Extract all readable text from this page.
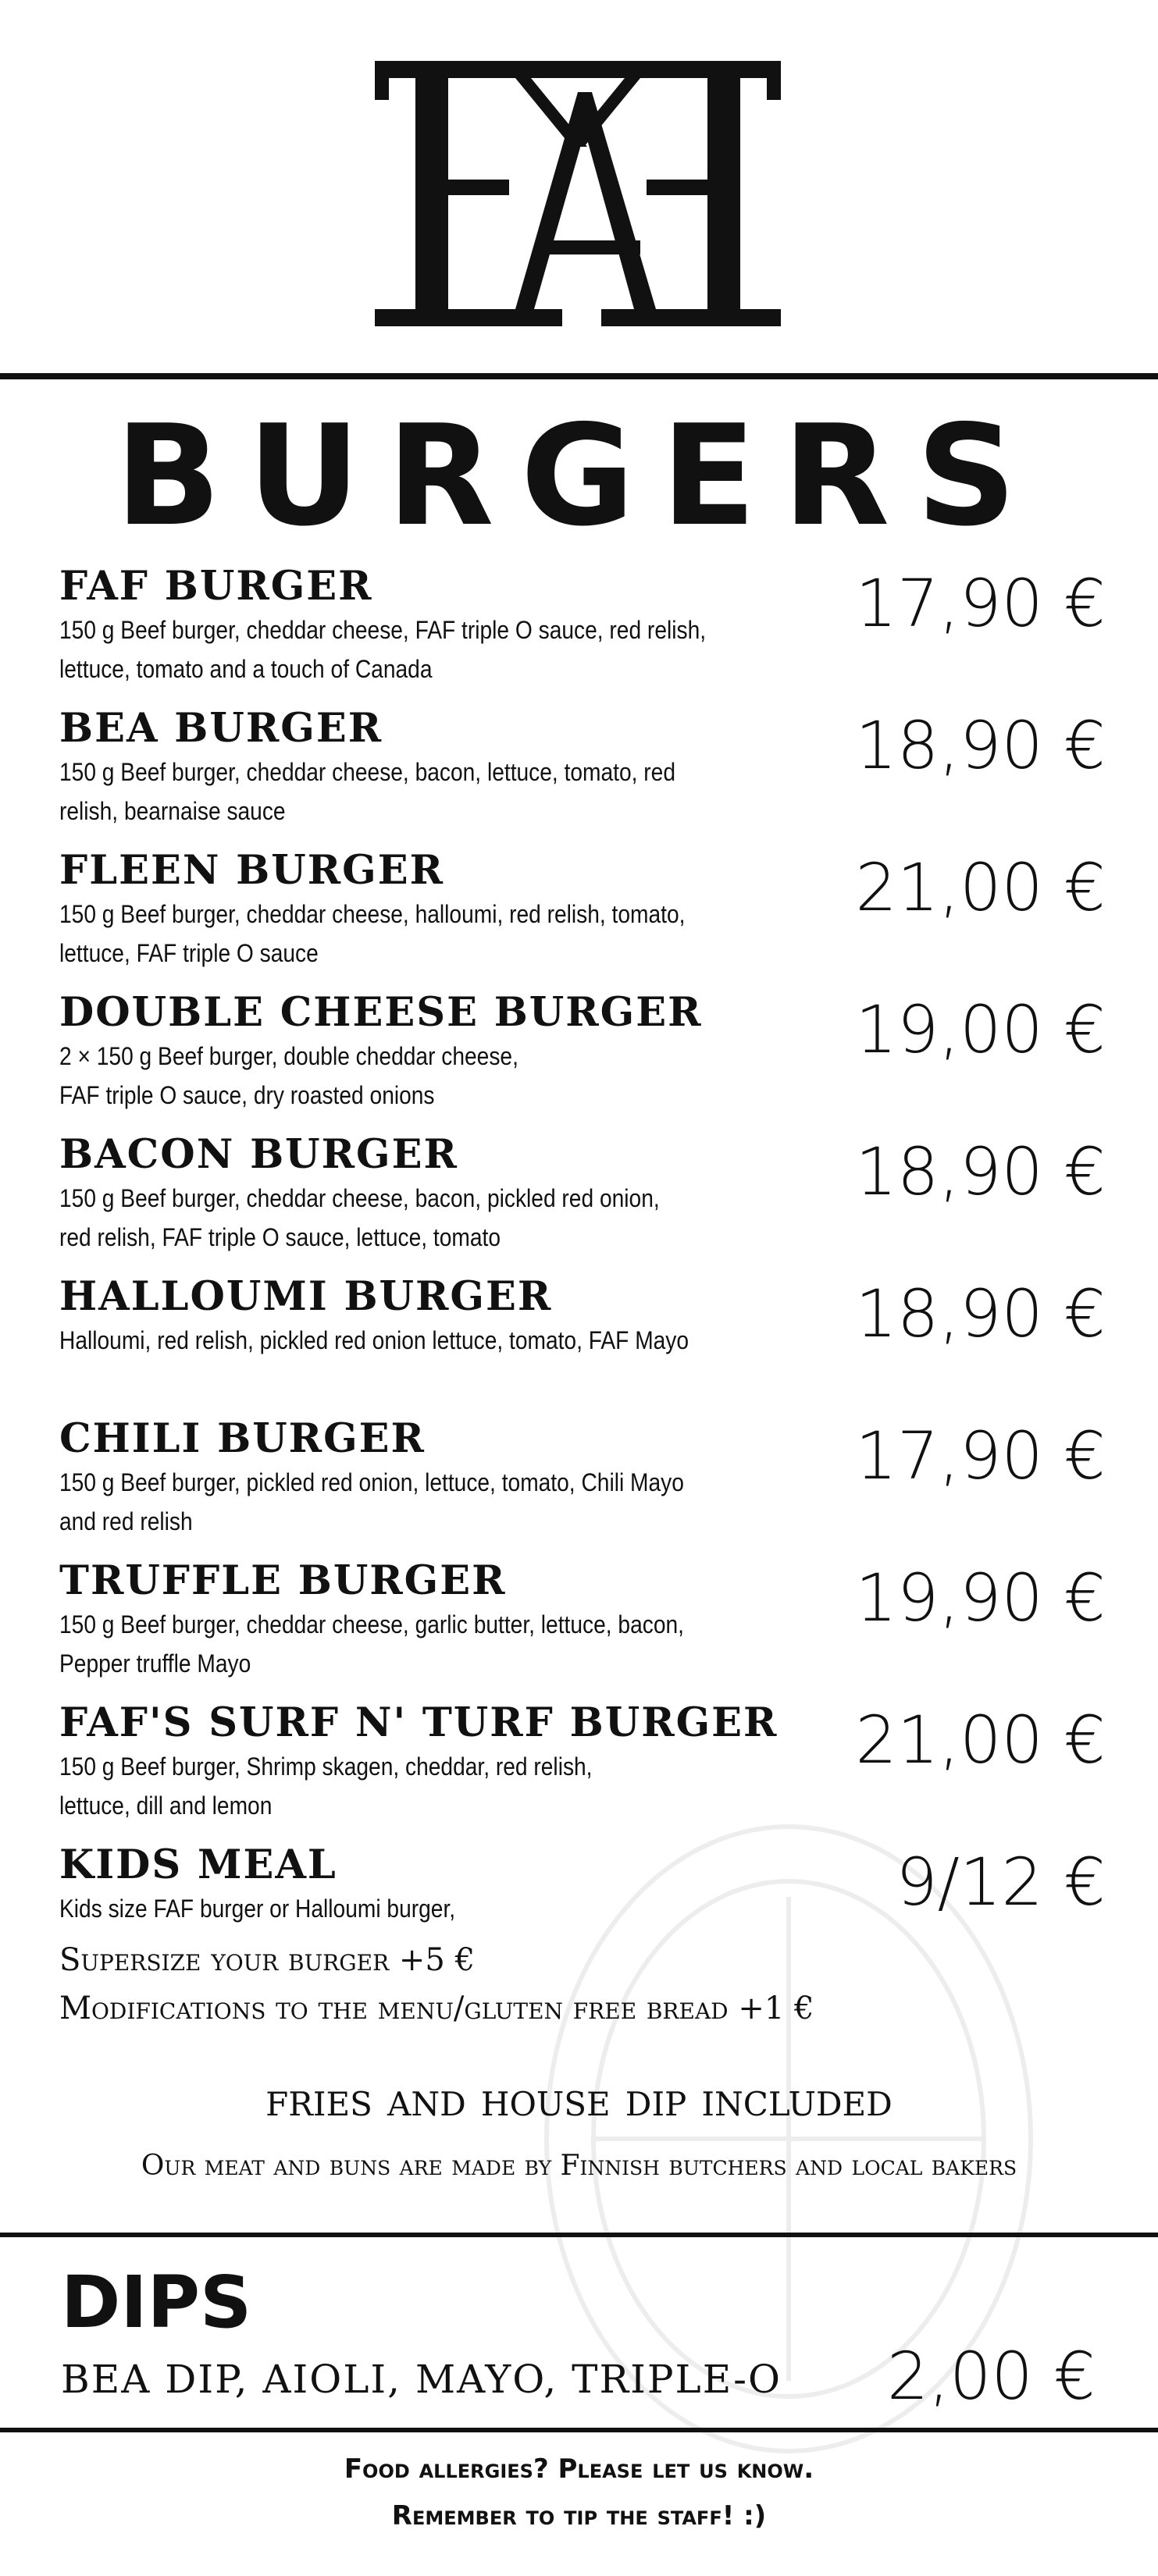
BURGERS
FAF BURGER
150 g Beef burger, cheddar cheese, FAF triple O sauce, red relish,
lettuce, tomato and a touch of Canada
17,90 €
BEA BURGER
150 g Beef burger, cheddar cheese, bacon, lettuce, tomato, red
relish, bearnaise sauce
18,90 €
FLEEN BURGER
150 g Beef burger, cheddar cheese, halloumi, red relish, tomato,
lettuce, FAF triple O sauce
21,00 €
DOUBLE CHEESE BURGER
2 × 150 g Beef burger, double cheddar cheese,
FAF triple O sauce, dry roasted onions
19,00 €
BACON BURGER
150 g Beef burger, cheddar cheese, bacon, pickled red onion,
red relish, FAF triple O sauce, lettuce, tomato
18,90 €
HALLOUMI BURGER
Halloumi, red relish, pickled red onion lettuce, tomato, FAF Mayo	18,90 €
CHILI BURGER
150 g Beef burger, pickled red onion, lettuce, tomato, Chili Mayo
and red relish
17,90 €
TRUFFLE BURGER
150 g Beef burger, cheddar cheese, garlic butter, lettuce, bacon,
Pepper truffle Mayo
19,90 €
FAF'S SURF N' TURF BURGER
150 g Beef burger, Shrimp skagen, cheddar, red relish,
lettuce, dill and lemon
21,00 €
KIDS MEAL
Kids size FAF burger or Halloumi burger,	9/12 €
Supersize your burger +5 €
Modifications to the menu/gluten free bread +1 €
fries and house dip included
Our meat and buns are made by Finnish butchers and local bakers
DIPS
BEA DIP, AIOLI, MAYO, TRIPLE-O 2,00 €
Food allergies? Please let us know.
Remember to tip the staff! :)
